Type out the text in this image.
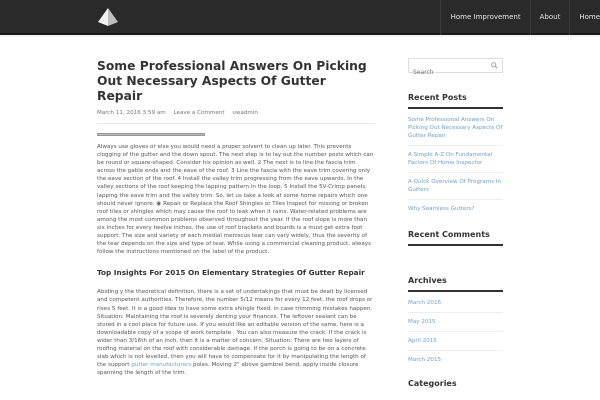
Home Improvement	About	Home
Some Professional Answers On Picking Out Necessary Aspects Of Gutter Repair
March 11, 2016 3:59 am Leave a Comment uwadmin

Always use gloves or else you would need a proper solvent to clean up later. This prevents clogging of the gutter and the down spout. The next step is to lay out the number posts which can be round or square-shaped. Consider his opinion as well. 2 The next is to line the fascia trim across the gable ends and the eave of the roof. 3 Line the fascia with the eave trim covering only the eave section of the roof. 4 Install the valley trim progressing from the eave upwards. In the valley sections of the roof keeping the lapping pattern in the loop. 5 Install the 5V-Crimp panels, lapping the eave trim and the valley trim. So, let us take a look at some home repairs which one should never ignore. ◉ Repair or Replace the Roof Shingles or Tiles Inspect for missing or broken roof tiles or shingles which may cause the roof to leak when it rains. Water-related problems are among the most common problems observed throughout the year. If the roof slope is more than six inches for every twelve inches, the use of roof brackets and boards is a must get extra foot support. The size and variety of each medial meniscus tear can vary widely, thus the severity of the tear depends on the size and type of tear. While using a commercial cleaning product, always follow the instructions mentioned on the label of the product.

Top Insights For 2015 On Elementary Strategies Of Gutter Repair

Abiding y the theoretical definition, there is a set of undertakings that must be dealt by licensed and competent authorities. Therefore, the number 5/12 means for every 12 feet, the roof drops or rises 5 feet. It is a good idea to have some extra shingle fixed, in case trimming mistakes happen. Situation: Maintaining the roof is severely denting your finances. The leftover sealant can be stored in a cool place for future use. If you would like an editable version of the same, here is a downloadable copy of a scope of work template . You can also measure the crack. If the crack is wider than 3/16th of an inch, then it is a matter of concern. Situation: There are two layers of roofing material on the roof with considerable damage. If the porch is going to be on a concrete slab which is not levelled, then you will have to compensate for it by manipulating the length of the support gutter manufacturers poles. Moving 2" above gambrel bend, apply inside closure spanning the length of the trim.

Search
Recent Posts
Some Professional Answers On Picking Out Necessary Aspects Of Gutter Repair
A Simple A-Z On Fundamental Factors Of Home Inspector
A Quick Overview Of Programs In Gutters
Why Seamless Gutters?
Recent Comments
Archives
March 2016
May 2015
April 2015
March 2015
Categories
